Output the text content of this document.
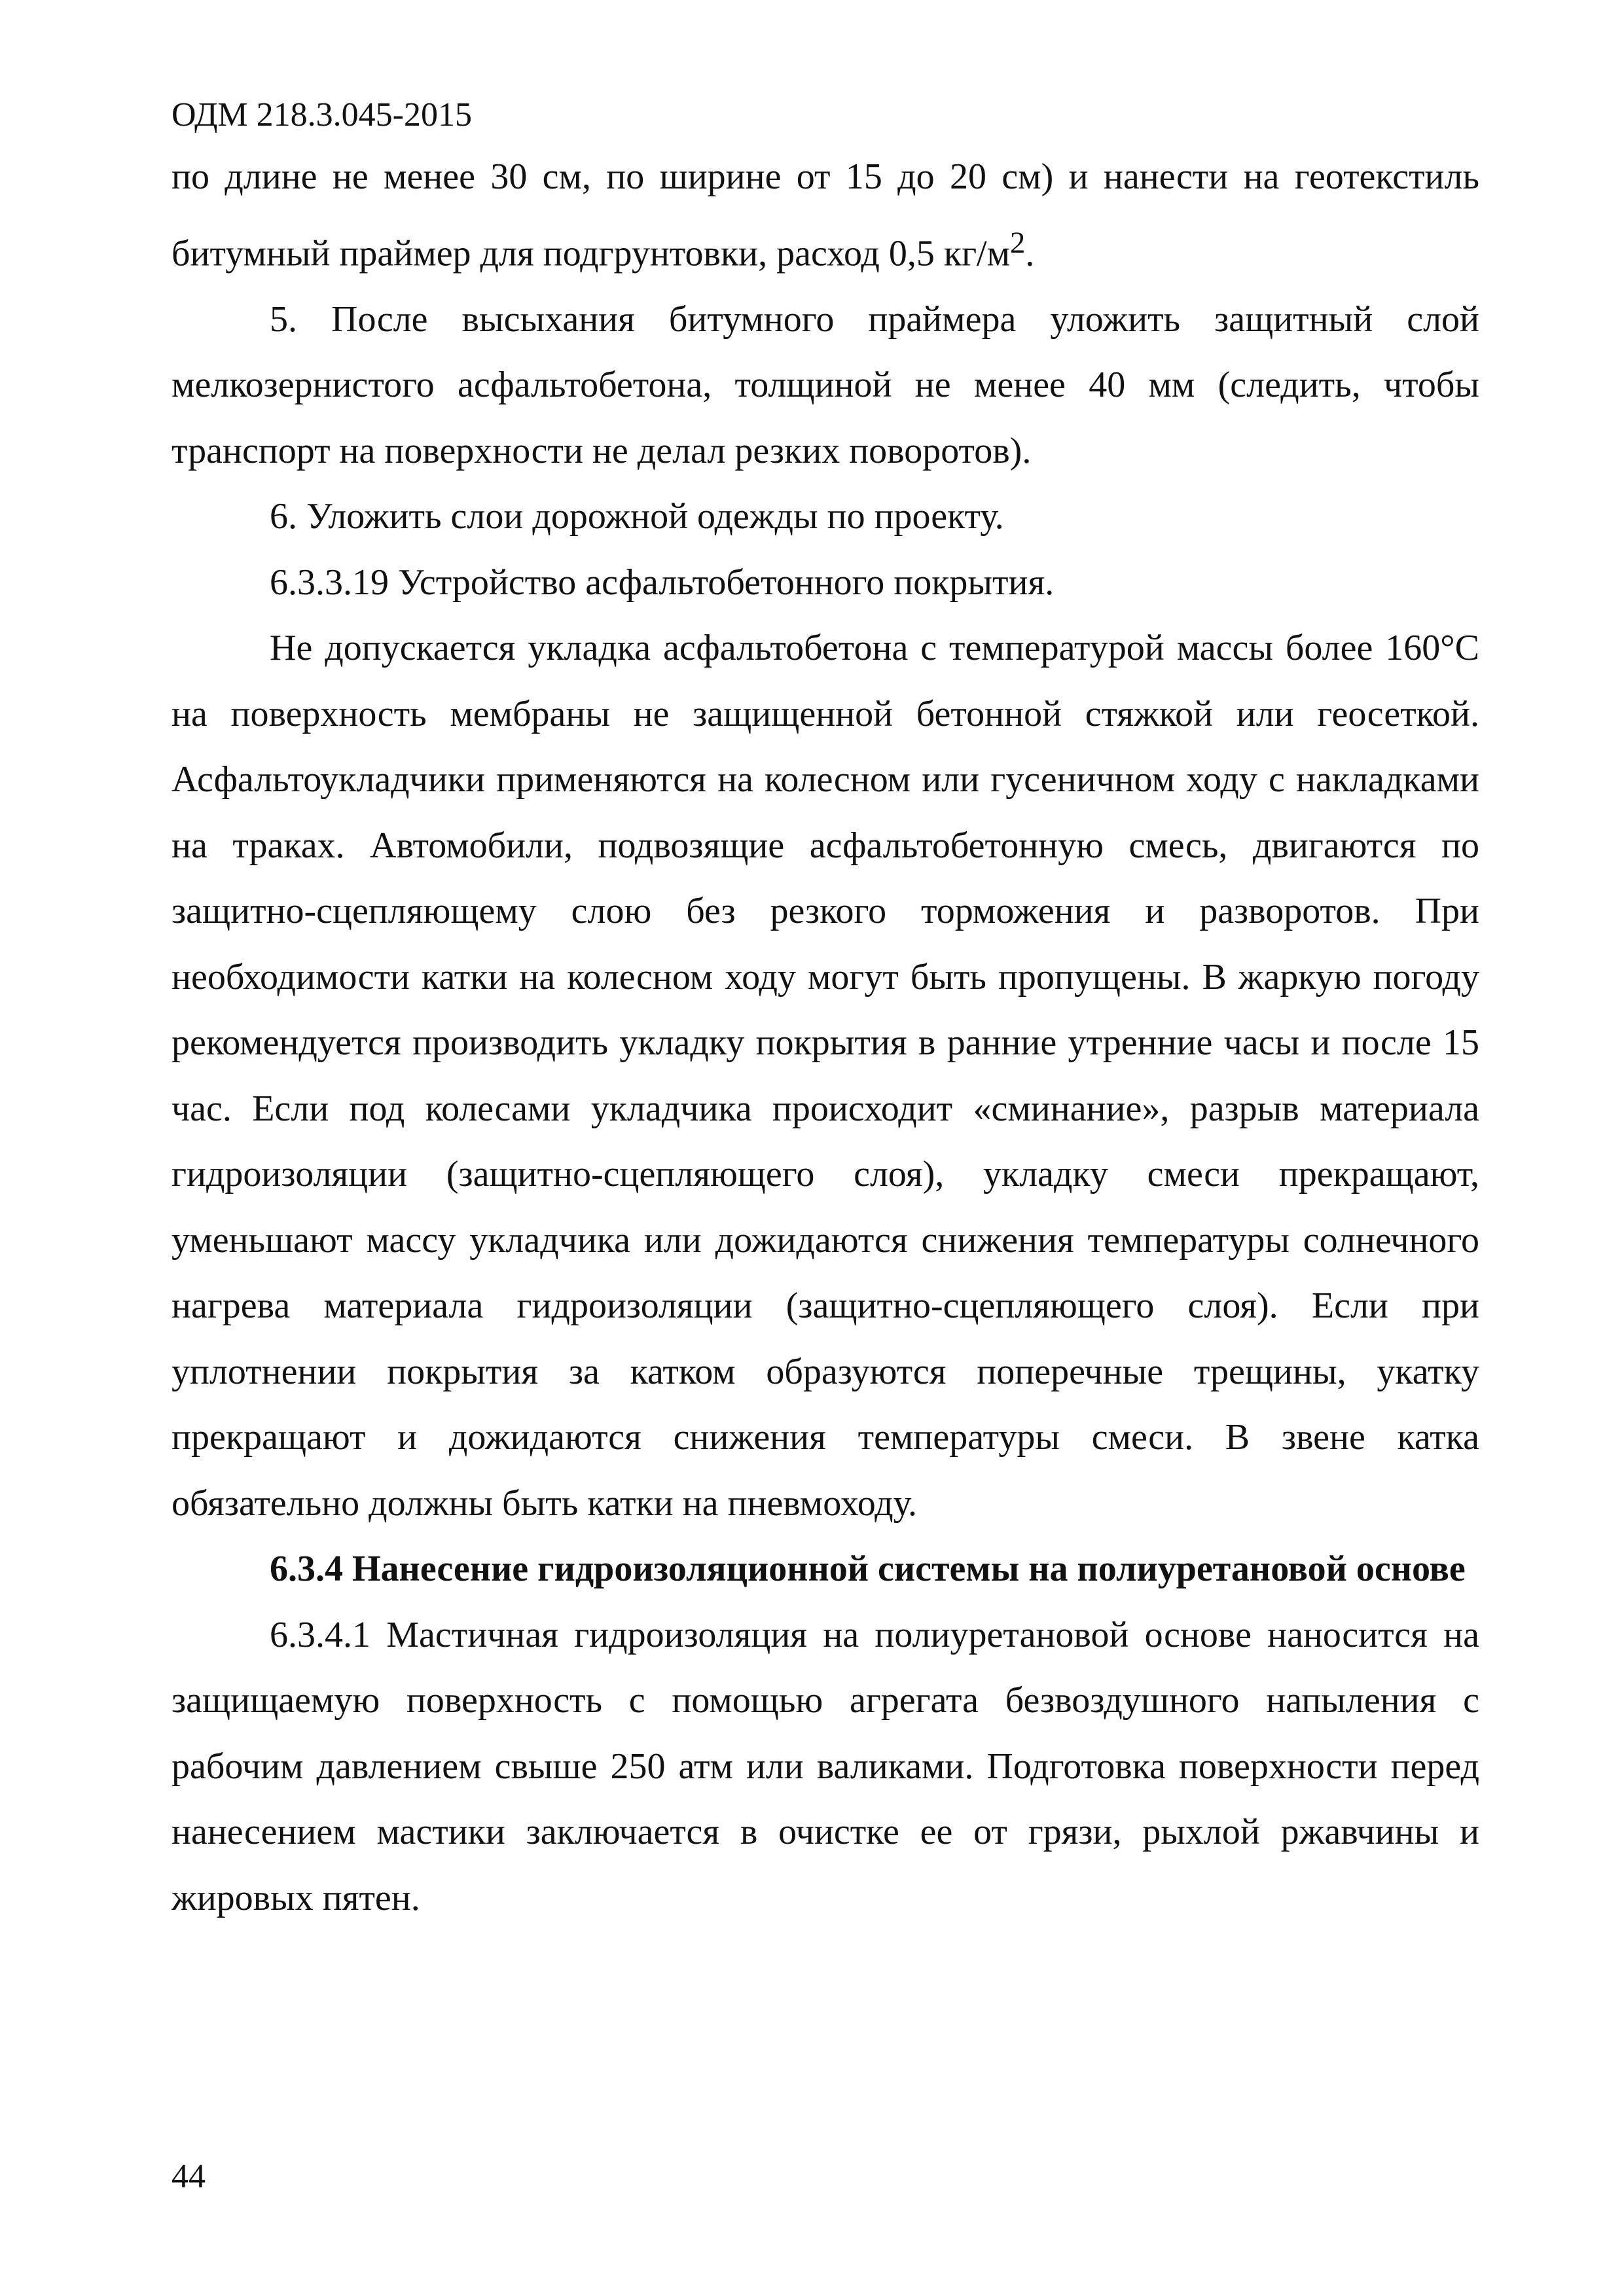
ОДМ 218.3.045-2015

по длине не менее 30 см, по ширине от 15 до 20 см) и нанести на геотекстиль битумный праймер для подгрунтовки, расход 0,5 $кг/м^2$.

5. После высыхания битумного праймера уложить защитный слой мелкозернистого асфальтобетона, толщиной не менее 40 мм (следить, чтобы транспорт на поверхности не делал резких поворотов).

6. Уложить слои дорожной одежды по проекту.

6.3.3.19 Устройство асфальтобетонного покрытия.

Не допускается укладка асфальтобетона с температурой массы более 160°С на поверхность мембраны не защищенной бетонной стяжкой или геосеткой. Асфальтоукладчики применяются на колесном или гусеничном ходу с накладками на траках. Автомобили, подвозящие асфальтобетонную смесь, двигаются по защитно-сцепляющему слою без резкого торможения и разворотов. При необходимости катки на колесном ходу могут быть пропущены. В жаркую погоду рекомендуется производить укладку покрытия в ранние утренние часы и после 15 час. Если под колесами укладчика происходит «сминание», разрыв материала гидроизоляции (защитно-сцепляющего слоя), укладку смеси прекращают, уменьшают массу укладчика или дожидаются снижения температуры солнечного нагрева материала гидроизоляции (защитно-сцепляющего слоя). Если при уплотнении покрытия за катком образуются поперечные трещины, укатку прекращают и дожидаются снижения температуры смеси. В звене катка обязательно должны быть катки на пневмоходу.

6.3.4 Нанесение гидроизоляционной системы на полиуретановой основе

6.3.4.1 Мастичная гидроизоляция на полиуретановой основе наносится на защищаемую поверхность с помощью агрегата безвоздушного напыления с рабочим давлением свыше 250 атм или валиками. Подготовка поверхности перед нанесением мастики заключается в очистке ее от грязи, рыхлой ржавчины и жировых пятен.

44
